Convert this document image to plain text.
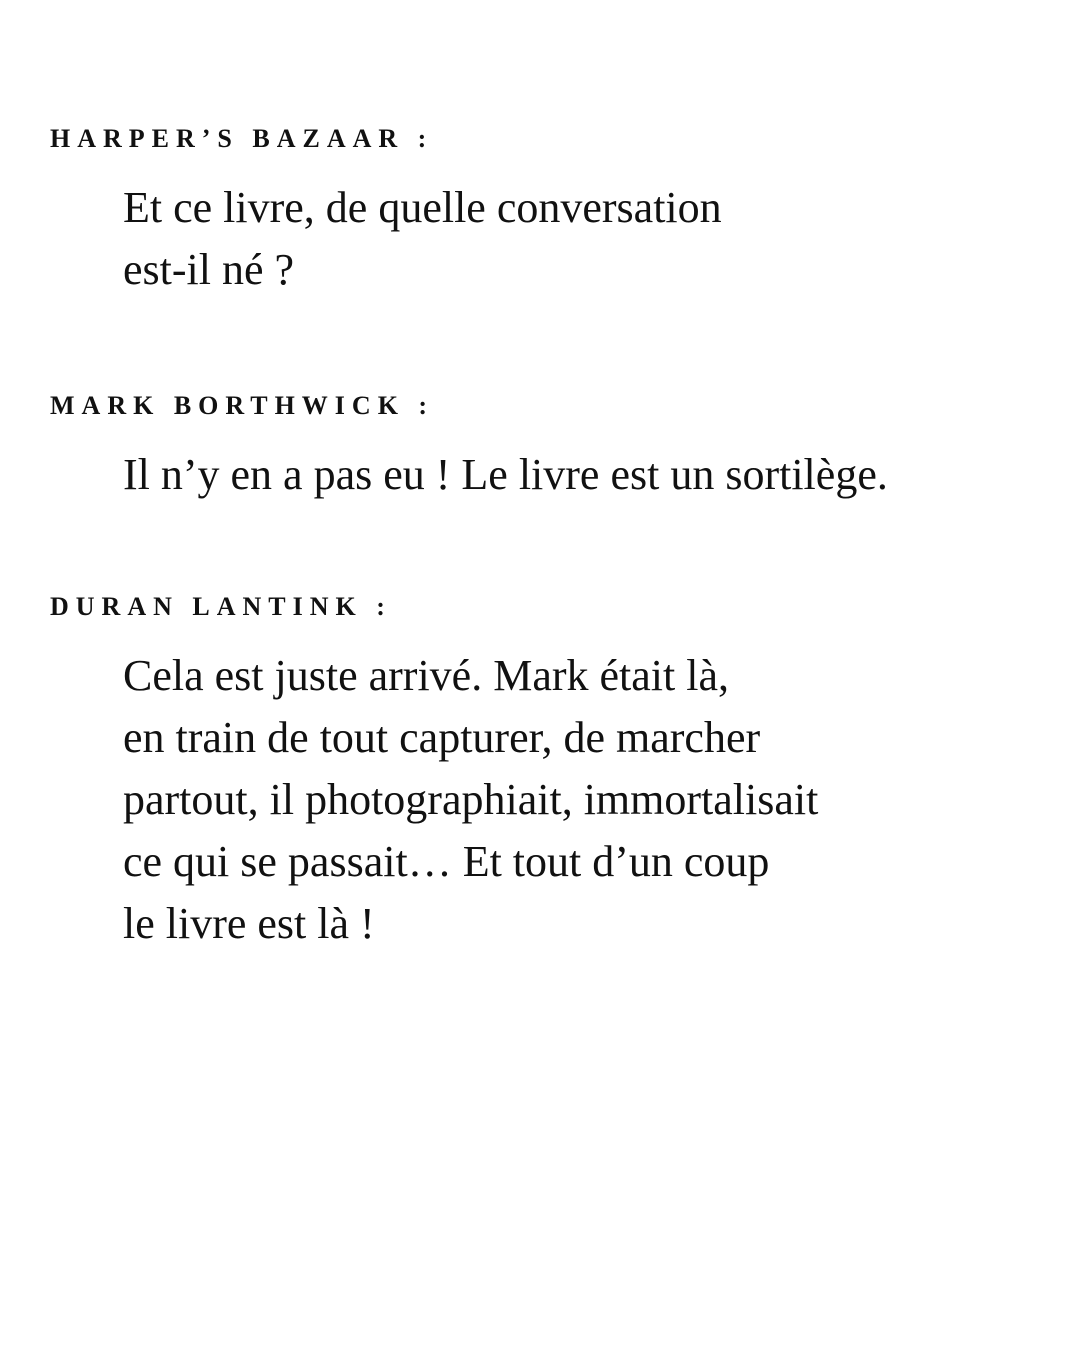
HARPER’S BAZAAR :
Et ce livre, de quelle conversation
est-il né ?
MARK BORTHWICK :
Il n’y en a pas eu ! Le livre est un sortilège.
DURAN LANTINK :
Cela est juste arrivé. Mark était là,
en train de tout capturer, de marcher
partout, il photographiait, immortalisait
ce qui se passait… Et tout d’un coup
le livre est là !
